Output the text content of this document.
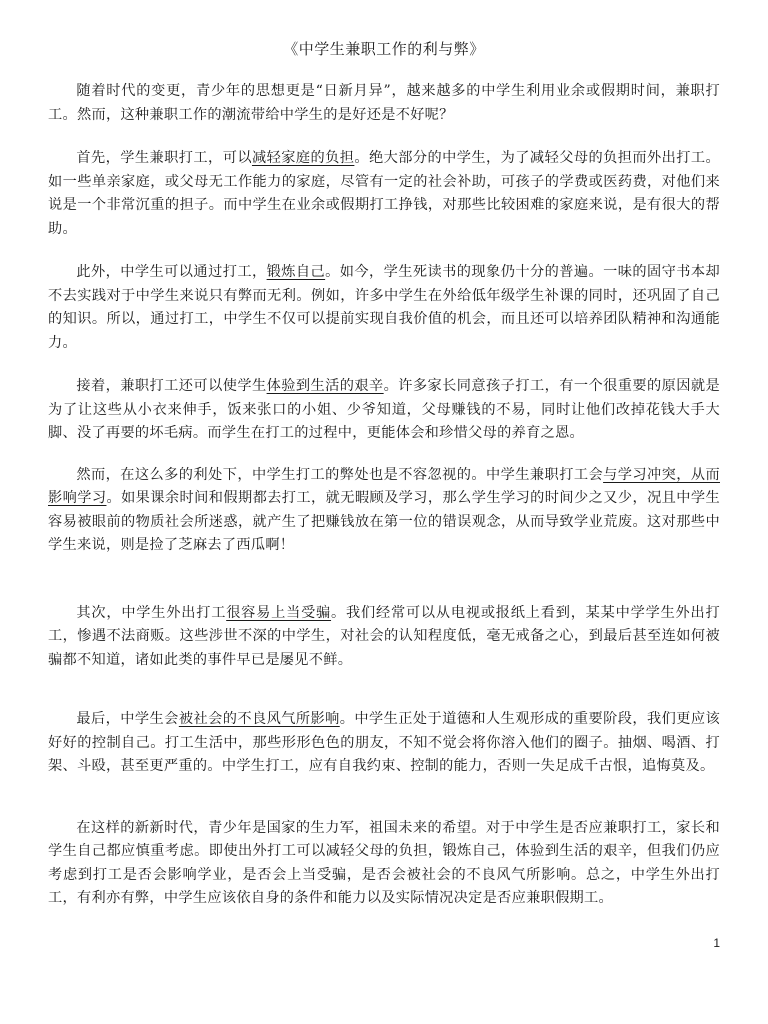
《中学生兼职工作的利与弊》

随着时代的变更，青少年的思想更是“日新月异”，越来越多的中学生利用业余或假期时间，兼职打工。然而，这种兼职工作的潮流带给中学生的是好还是不好呢？

首先，学生兼职打工，可以减轻家庭的负担。绝大部分的中学生，为了减轻父母的负担而外出打工。如一些单亲家庭，或父母无工作能力的家庭，尽管有一定的社会补助，可孩子的学费或医药费，对他们来说是一个非常沉重的担子。而中学生在业余或假期打工挣钱，对那些比较困难的家庭来说，是有很大的帮助。

此外，中学生可以通过打工，锻炼自己。如今，学生死读书的现象仍十分的普遍。一味的固守书本却不去实践对于中学生来说只有弊而无利。例如，许多中学生在外给低年级学生补课的同时，还巩固了自己的知识。所以，通过打工，中学生不仅可以提前实现自我价值的机会，而且还可以培养团队精神和沟通能力。

接着，兼职打工还可以使学生体验到生活的艰辛。许多家长同意孩子打工，有一个很重要的原因就是为了让这些从小衣来伸手，饭来张口的小姐、少爷知道，父母赚钱的不易，同时让他们改掉花钱大手大脚、没了再要的坏毛病。而学生在打工的过程中，更能体会和珍惜父母的养育之恩。

然而，在这么多的利处下，中学生打工的弊处也是不容忽视的。中学生兼职打工会与学习冲突，从而影响学习。如果课余时间和假期都去打工，就无暇顾及学习，那么学生学习的时间少之又少，况且中学生容易被眼前的物质社会所迷惑，就产生了把赚钱放在第一位的错误观念，从而导致学业荒废。这对那些中学生来说，则是捡了芝麻去了西瓜啊！

其次，中学生外出打工很容易上当受骗。我们经常可以从电视或报纸上看到，某某中学学生外出打工，惨遇不法商贩。这些涉世不深的中学生，对社会的认知程度低，毫无戒备之心，到最后甚至连如何被骗都不知道，诸如此类的事件早已是屡见不鲜。

最后，中学生会被社会的不良风气所影响。中学生正处于道德和人生观形成的重要阶段，我们更应该好好的控制自己。打工生活中，那些形形色色的朋友，不知不觉会将你溶入他们的圈子。抽烟、喝酒、打架、斗殴，甚至更严重的。中学生打工，应有自我约束、控制的能力，否则一失足成千古恨，追悔莫及。

在这样的新新时代，青少年是国家的生力军，祖国未来的希望。对于中学生是否应兼职打工，家长和学生自己都应慎重考虑。即使出外打工可以减轻父母的负担，锻炼自己，体验到生活的艰辛，但我们仍应考虑到打工是否会影响学业，是否会上当受骗，是否会被社会的不良风气所影响。总之，中学生外出打工，有利亦有弊，中学生应该依自身的条件和能力以及实际情况决定是否应兼职假期工。

1
